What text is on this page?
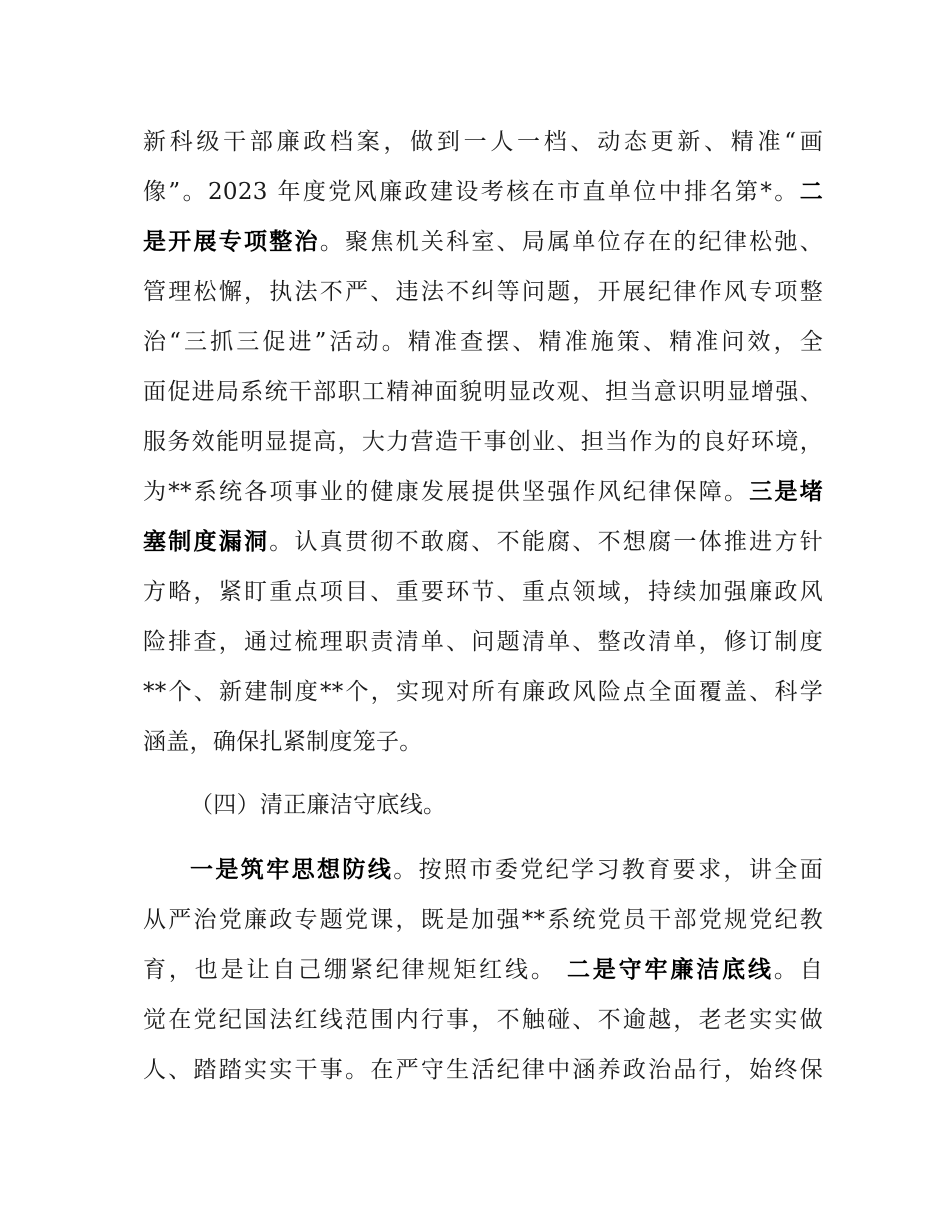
新科级干部廉政档案，做到一人一档、动态更新、精准“画
像”。2023 年度党风廉政建设考核在市直单位中排名第*。二
是开展专项整治。聚焦机关科室、局属单位存在的纪律松弛、
管理松懈，执法不严、违法不纠等问题，开展纪律作风专项整
治“三抓三促进”活动。精准查摆、精准施策、精准问效，全
面促进局系统干部职工精神面貌明显改观、担当意识明显增强、
服务效能明显提高，大力营造干事创业、担当作为的良好环境，
为**系统各项事业的健康发展提供坚强作风纪律保障。三是堵
塞制度漏洞。认真贯彻不敢腐、不能腐、不想腐一体推进方针
方略，紧盯重点项目、重要环节、重点领域，持续加强廉政风
险排查，通过梳理职责清单、问题清单、整改清单，修订制度
**个、新建制度**个，实现对所有廉政风险点全面覆盖、科学
涵盖，确保扎紧制度笼子。
（四）清正廉洁守底线。
一是筑牢思想防线。按照市委党纪学习教育要求，讲全面
从严治党廉政专题党课，既是加强**系统党员干部党规党纪教
育，也是让自己绷紧纪律规矩红线。 二是守牢廉洁底线。自
觉在党纪国法红线范围内行事，不触碰、不逾越，老老实实做
人、踏踏实实干事。在严守生活纪律中涵养政治品行，始终保
